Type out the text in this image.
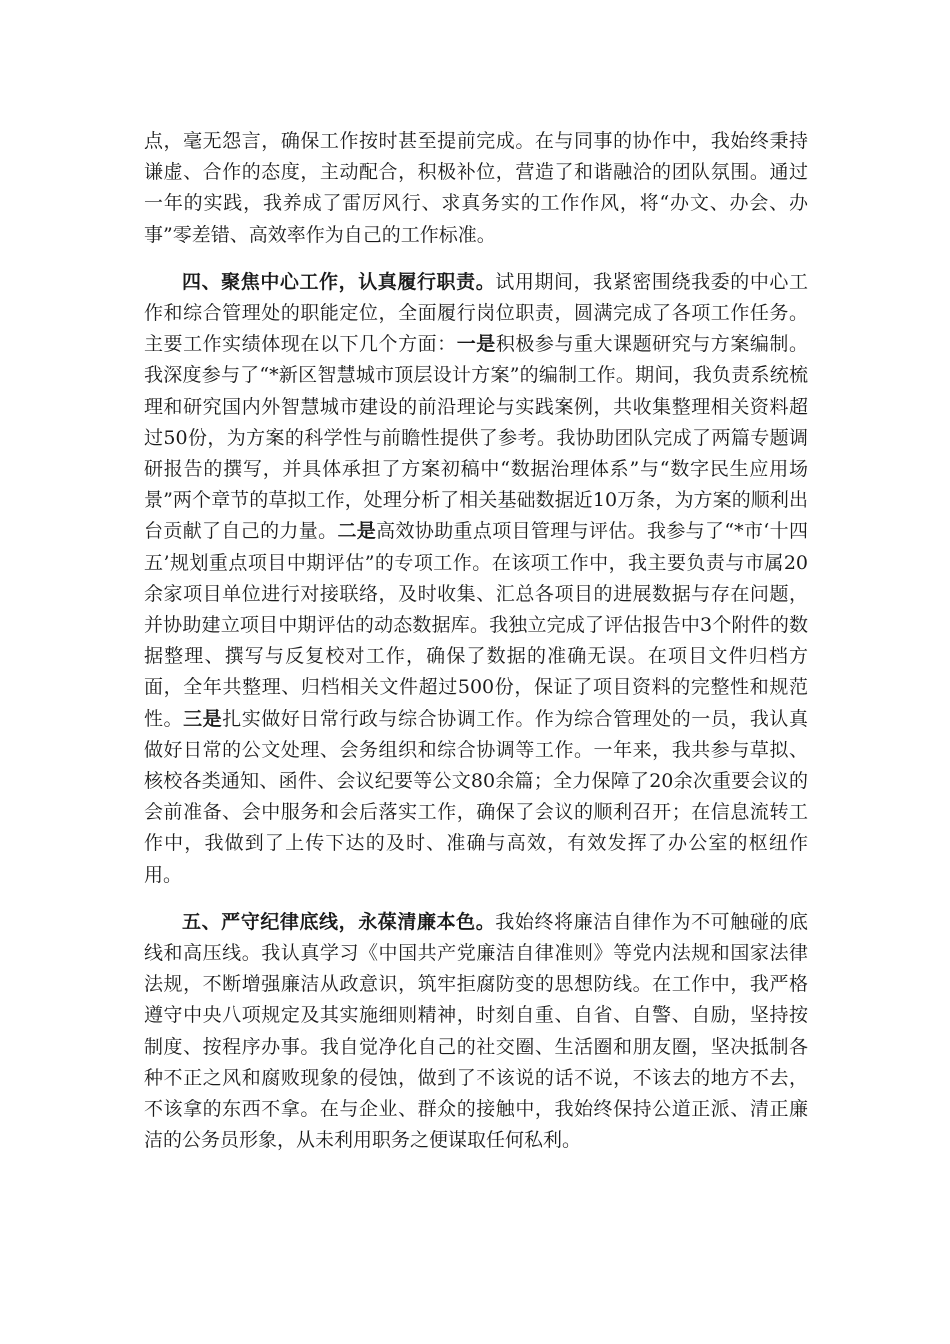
点，毫无怨言，确保工作按时甚至提前完成。在与同事的协作中，我始终秉持谦虚、合作的态度，主动配合，积极补位，营造了和谐融洽的团队氛围。通过一年的实践，我养成了雷厉风行、求真务实的工作作风，将“办文、办会、办事”零差错、高效率作为自己的工作标准。

四、聚焦中心工作，认真履行职责。试用期间，我紧密围绕我委的中心工作和综合管理处的职能定位，全面履行岗位职责，圆满完成了各项工作任务。主要工作实绩体现在以下几个方面：一是积极参与重大课题研究与方案编制。我深度参与了“*新区智慧城市顶层设计方案”的编制工作。期间，我负责系统梳理和研究国内外智慧城市建设的前沿理论与实践案例，共收集整理相关资料超过50份，为方案的科学性与前瞻性提供了参考。我协助团队完成了两篇专题调研报告的撰写，并具体承担了方案初稿中“数据治理体系”与“数字民生应用场景”两个章节的草拟工作，处理分析了相关基础数据近10万条，为方案的顺利出台贡献了自己的力量。二是高效协助重点项目管理与评估。我参与了“*市‘十四五’规划重点项目中期评估”的专项工作。在该项工作中，我主要负责与市属20余家项目单位进行对接联络，及时收集、汇总各项目的进展数据与存在问题，并协助建立项目中期评估的动态数据库。我独立完成了评估报告中3个附件的数据整理、撰写与反复校对工作，确保了数据的准确无误。在项目文件归档方面，全年共整理、归档相关文件超过500份，保证了项目资料的完整性和规范性。三是扎实做好日常行政与综合协调工作。作为综合管理处的一员，我认真做好日常的公文处理、会务组织和综合协调等工作。一年来，我共参与草拟、核校各类通知、函件、会议纪要等公文80余篇；全力保障了20余次重要会议的会前准备、会中服务和会后落实工作，确保了会议的顺利召开；在信息流转工作中，我做到了上传下达的及时、准确与高效，有效发挥了办公室的枢纽作用。

五、严守纪律底线，永葆清廉本色。我始终将廉洁自律作为不可触碰的底线和高压线。我认真学习《中国共产党廉洁自律准则》等党内法规和国家法律法规，不断增强廉洁从政意识，筑牢拒腐防变的思想防线。在工作中，我严格遵守中央八项规定及其实施细则精神，时刻自重、自省、自警、自励，坚持按制度、按程序办事。我自觉净化自己的社交圈、生活圈和朋友圈，坚决抵制各种不正之风和腐败现象的侵蚀，做到了不该说的话不说，不该去的地方不去，不该拿的东西不拿。在与企业、群众的接触中，我始终保持公道正派、清正廉洁的公务员形象，从未利用职务之便谋取任何私利。
